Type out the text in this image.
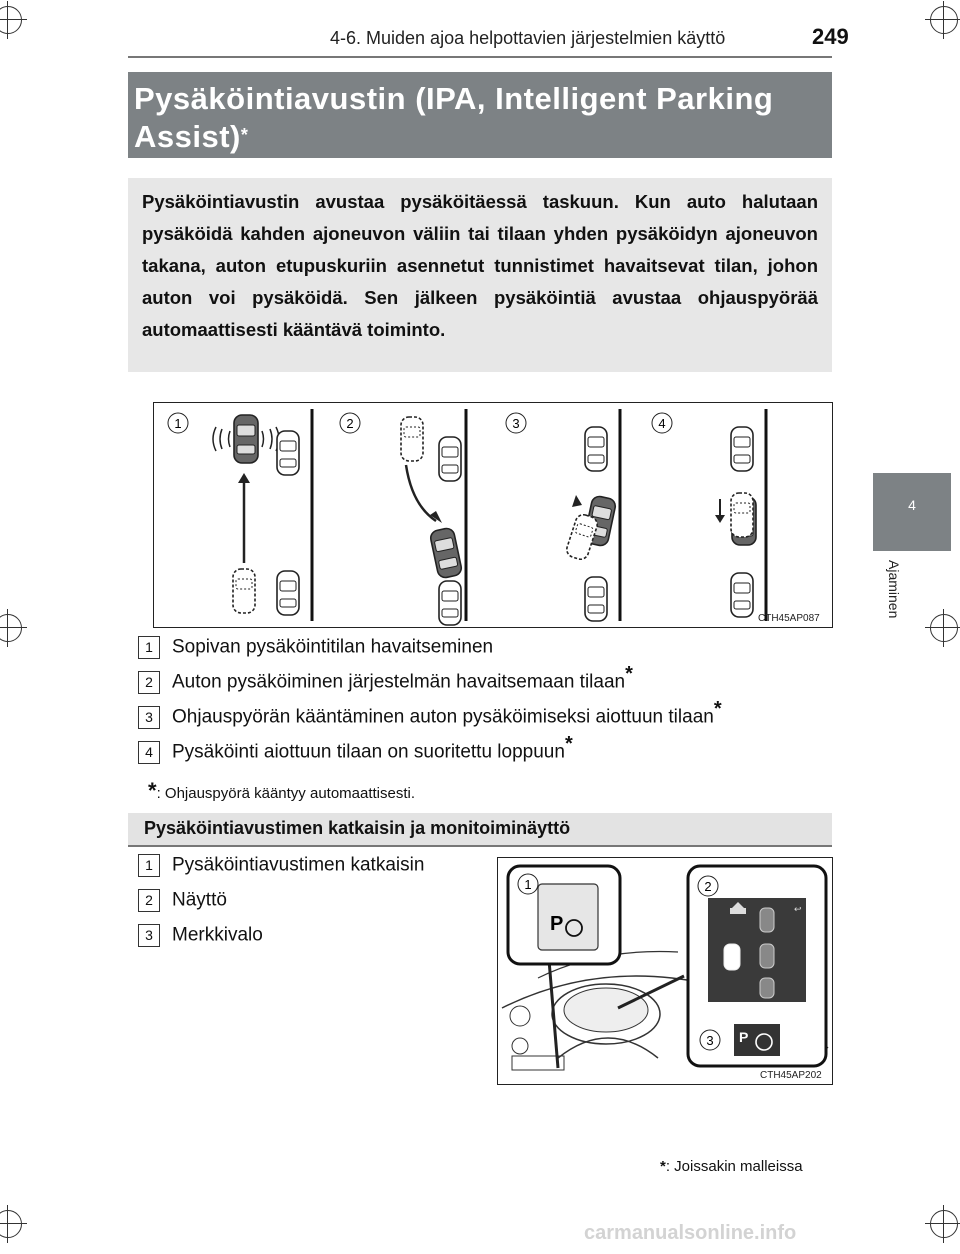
4-6. Muiden ajoa helpottavien järjestelmien käyttö	249
Pysäköintiavustin (IPA, Intelligent Parking Assist)*
Pysäköintiavustin avustaa pysäköitäessä taskuun. Kun auto halutaan pysäköidä kahden ajoneuvon väliin tai tilaan yhden pysäköidyn ajoneuvon takana, auton etupuskuriin asennetut tunnistimet havaitsevat tilan, johon auton voi pysäköidä. Sen jälkeen pysäköintiä avustaa ohjauspyörää automaattisesti kääntävä toiminto.
1	2	3	4
CTH45AP087
1 Sopivan pysäköintitilan havaitseminen
2 Auton pysäköiminen järjestelmän havaitsemaan tilaan*
3 Ohjauspyörän kääntäminen auton pysäköimiseksi aiottuun tilaan*
4 Pysäköinti aiottuun tilaan on suoritettu loppuun*
*: Ohjauspyörä kääntyy automaattisesti.
Pysäköintiavustimen katkaisin ja monitoiminäyttö
1 Pysäköintiavustimen katkaisin
2 Näyttö
3 Merkkivalo	P
1
↩
2
P
3
CTH45AP202
4
Ajaminen
*: Joissakin malleissa
carmanualsonline.info
